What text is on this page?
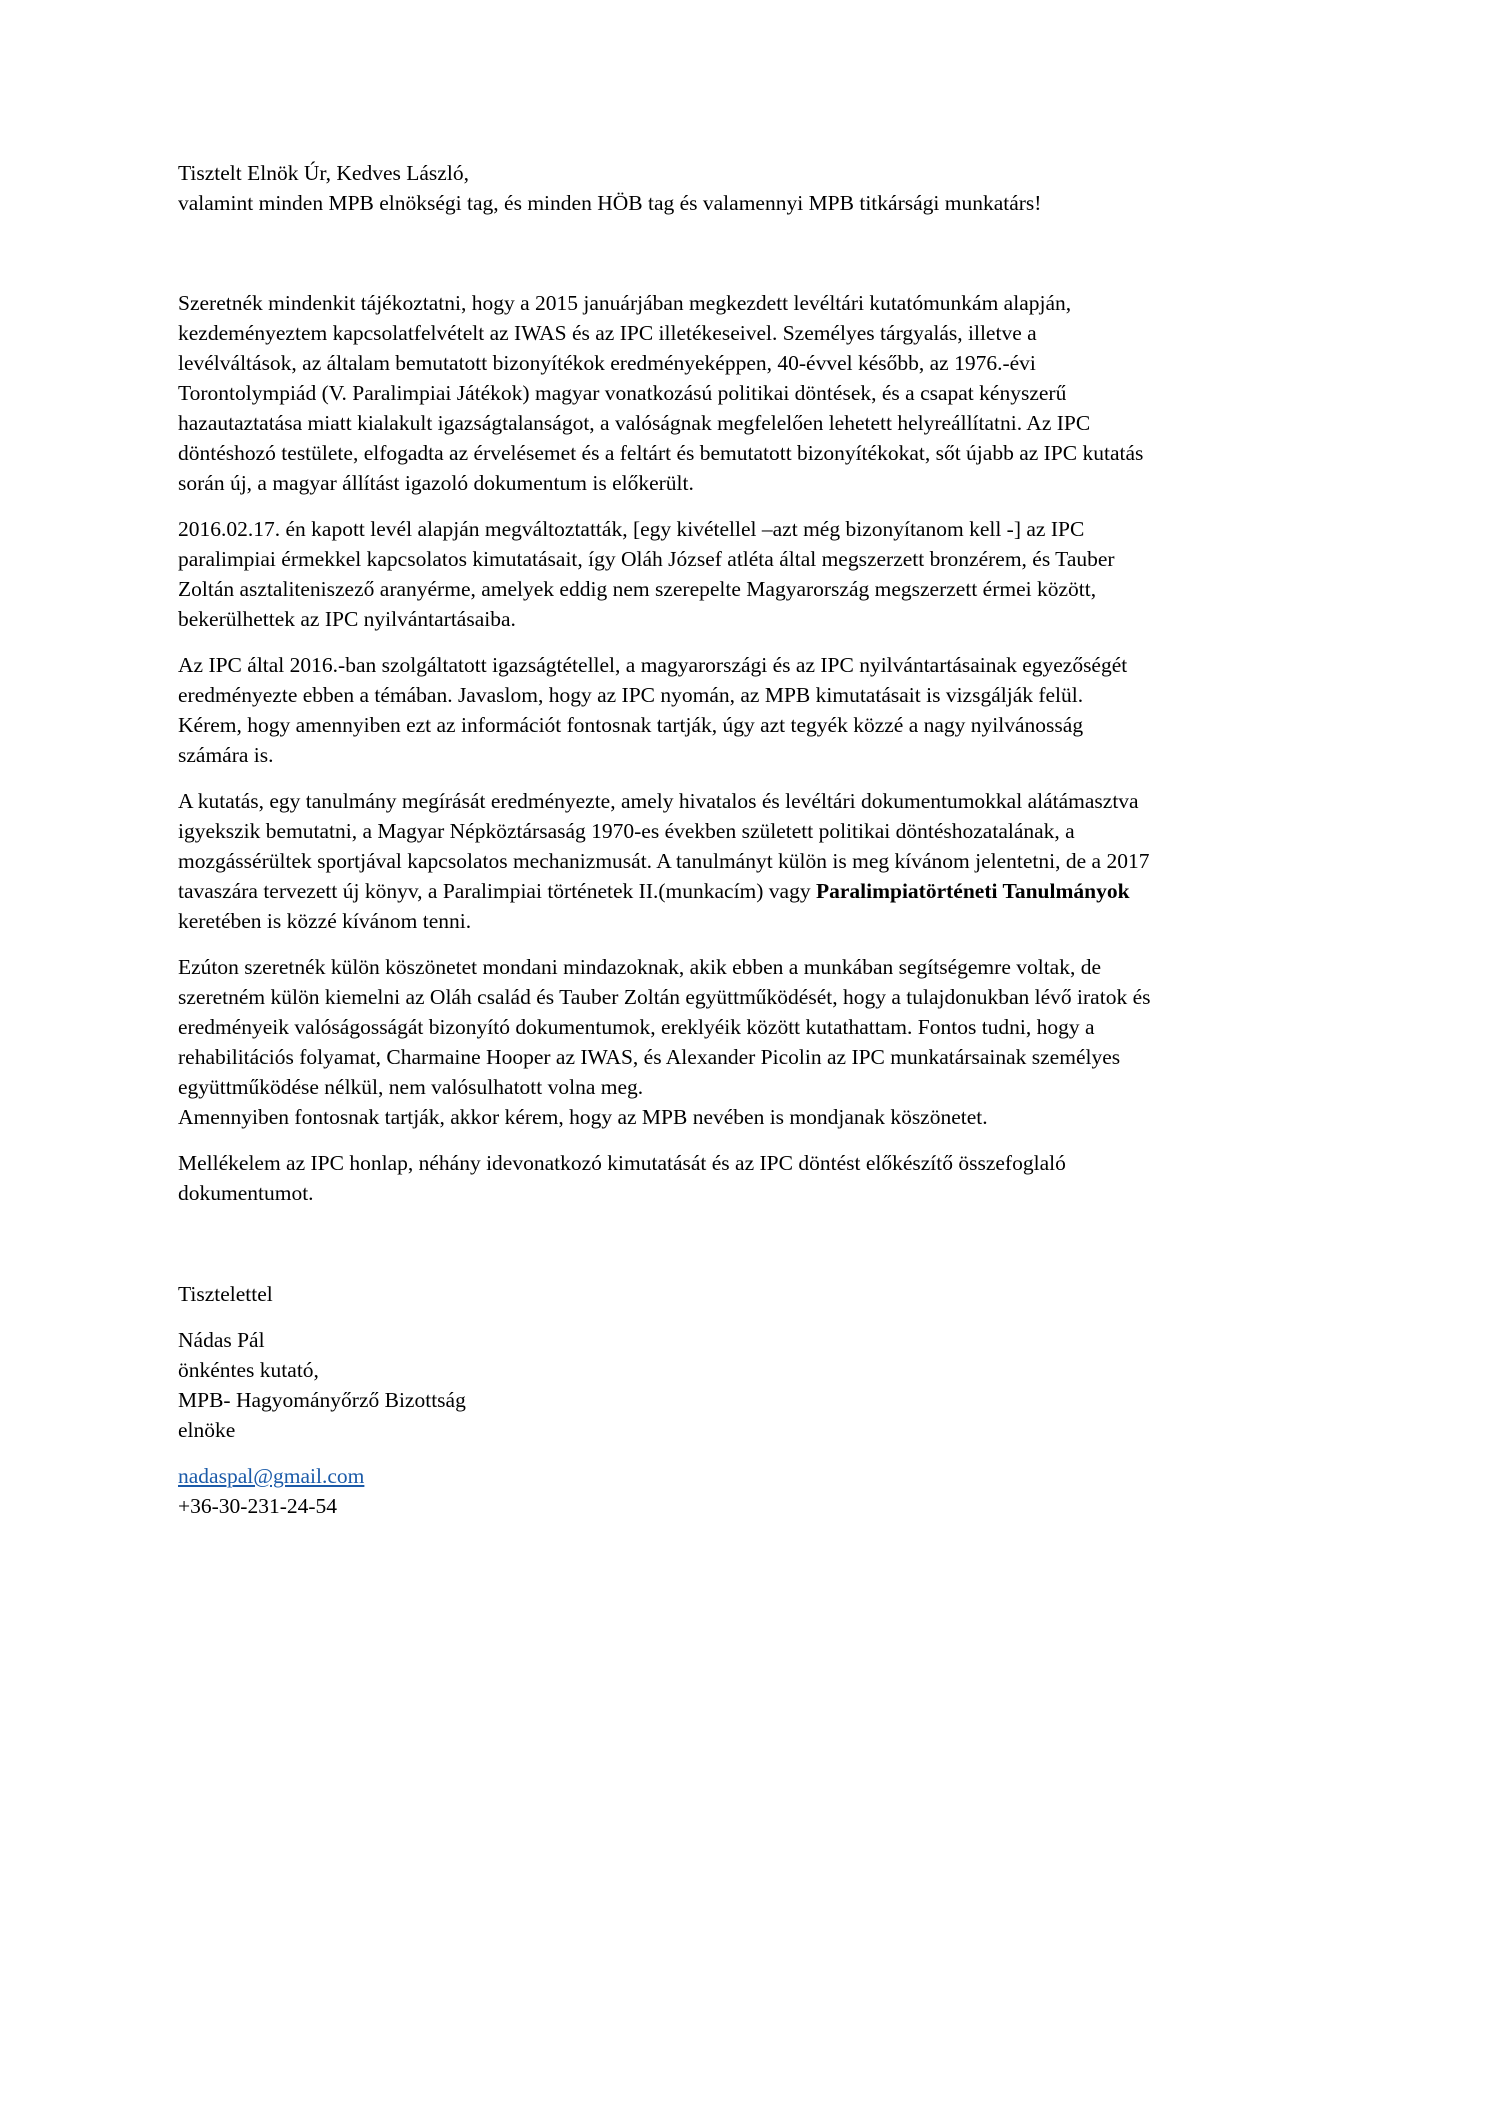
Tisztelt Elnök Úr, Kedves László,
valamint minden MPB elnökségi tag, és minden HÖB tag és valamennyi MPB titkársági munkatárs!
Szeretnék mindenkit tájékoztatni, hogy a 2015 januárjában megkezdett levéltári kutatómunkám alapján,
kezdeményeztem kapcsolatfelvételt az IWAS és az IPC illetékeseivel. Személyes tárgyalás, illetve a
levélváltások, az általam bemutatott bizonyítékok eredményeképpen, 40-évvel később, az 1976.-évi
Torontolympiád (V. Paralimpiai Játékok) magyar vonatkozású politikai döntések, és a csapat kényszerű
hazautaztatása miatt kialakult igazságtalanságot, a valóságnak megfelelően lehetett helyreállítatni. Az IPC
döntéshozó testülete, elfogadta az érvelésemet és a feltárt és bemutatott bizonyítékokat, sőt újabb az IPC kutatás
során új, a magyar állítást igazoló dokumentum is előkerült.
2016.02.17. én kapott levél alapján megváltoztatták, [egy kivétellel –azt még bizonyítanom kell -] az IPC
paralimpiai érmekkel kapcsolatos kimutatásait, így Oláh József atléta által megszerzett bronzérem, és Tauber
Zoltán asztaliteniszező aranyérme, amelyek eddig nem szerepelte Magyarország megszerzett érmei között,
bekerülhettek az IPC nyilvántartásaiba.
Az IPC által 2016.-ban szolgáltatott igazságtétellel, a magyarországi és az IPC nyilvántartásainak egyezőségét
eredményezte ebben a témában. Javaslom, hogy az IPC nyomán, az MPB kimutatásait is vizsgálják felül.
Kérem, hogy amennyiben ezt az információt fontosnak tartják, úgy azt tegyék közzé a nagy nyilvánosság
számára is.
A kutatás, egy tanulmány megírását eredményezte, amely hivatalos és levéltári dokumentumokkal alátámasztva
igyekszik bemutatni, a Magyar Népköztársaság 1970-es években született politikai döntéshozatalának, a
mozgássérültek sportjával kapcsolatos mechanizmusát. A tanulmányt külön is meg kívánom jelentetni, de a 2017
tavaszára tervezett új könyv, a Paralimpiai történetek II.(munkacím) vagy Paralimpiatörténeti Tanulmányok
keretében is közzé kívánom tenni.
Ezúton szeretnék külön köszönetet mondani mindazoknak, akik ebben a munkában segítségemre voltak, de
szeretném külön kiemelni az Oláh család és Tauber Zoltán együttműködését, hogy a tulajdonukban lévő iratok és
eredményeik valóságosságát bizonyító dokumentumok, ereklyéik között kutathattam. Fontos tudni, hogy a
rehabilitációs folyamat, Charmaine Hooper az IWAS, és Alexander Picolin az IPC munkatársainak személyes
együttműködése nélkül, nem valósulhatott volna meg.
Amennyiben fontosnak tartják, akkor kérem, hogy az MPB nevében is mondjanak köszönetet.
Mellékelem az IPC honlap, néhány idevonatkozó kimutatását és az IPC döntést előkészítő összefoglaló
dokumentumot.
Tisztelettel
Nádas Pál
önkéntes kutató,
MPB- Hagyományőrző Bizottság
elnöke
nadaspal@gmail.com
+36-30-231-24-54
